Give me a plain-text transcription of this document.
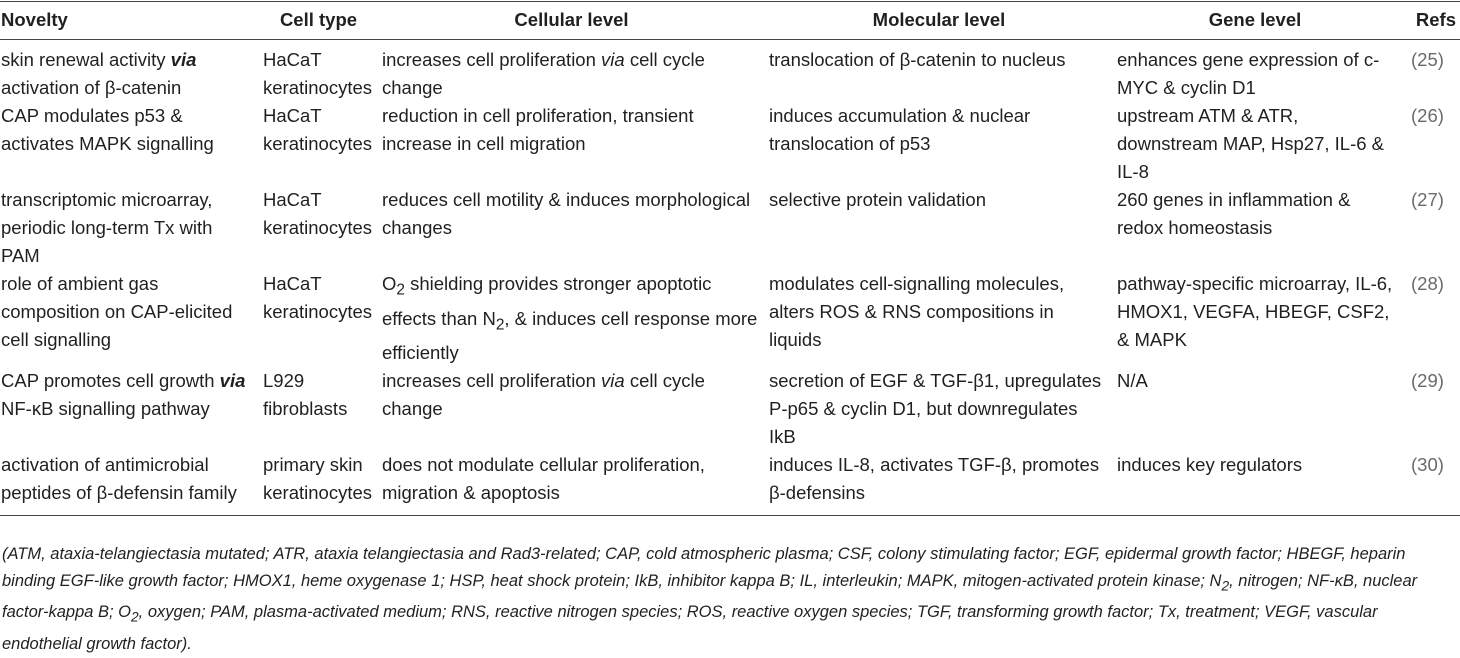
Novelty	Cell type	Cellular level	Molecular level	Gene level	Refs
skin renewal activity via activation of β-catenin	HaCaT keratinocytes	increases cell proliferation via cell cycle change	translocation of β-catenin to nucleus	enhances gene expression of c-MYC & cyclin D1	(25)
CAP modulates p53 & activates MAPK signalling	HaCaT keratinocytes	reduction in cell proliferation, transient increase in cell migration	induces accumulation & nuclear translocation of p53	upstream ATM & ATR, downstream MAP, Hsp27, IL-6 & IL-8	(26)
transcriptomic microarray, periodic long-term Tx with PAM	HaCaT keratinocytes	reduces cell motility & induces morphological changes	selective protein validation	260 genes in inflammation & redox homeostasis	(27)
role of ambient gas composition on CAP-elicited cell signalling	HaCaT keratinocytes	$O_2$ shielding provides stronger apoptotic effects than $N_2$, & induces cell response more efficiently	modulates cell-signalling molecules, alters ROS & RNS compositions in liquids	pathway-specific microarray, IL-6, HMOX1, VEGFA, HBEGF, CSF2, & MAPK	(28)
CAP promotes cell growth via NF-κB signalling pathway	L929 fibroblasts	increases cell proliferation via cell cycle change	secretion of EGF & TGF-β1, upregulates P-p65 & cyclin D1, but downregulates IkB	N/A	(29)
activation of antimicrobial peptides of β-defensin family	primary skin keratinocytes	does not modulate cellular proliferation, migration & apoptosis	induces IL-8, activates TGF-β, promotes β-defensins	induces key regulators	(30)
(ATM, ataxia-telangiectasia mutated; ATR, ataxia telangiectasia and Rad3-related; CAP, cold atmospheric plasma; CSF, colony stimulating factor; EGF, epidermal growth factor; HBEGF, heparin binding EGF-like growth factor; HMOX1, heme oxygenase 1; HSP, heat shock protein; IkB, inhibitor kappa B; IL, interleukin; MAPK, mitogen-activated protein kinase; $N_2$, nitrogen; NF-κB, nuclear factor-kappa B; $O_2$, oxygen; PAM, plasma-activated medium; RNS, reactive nitrogen species; ROS, reactive oxygen species; TGF, transforming growth factor; Tx, treatment; VEGF, vascular endothelial growth factor).
